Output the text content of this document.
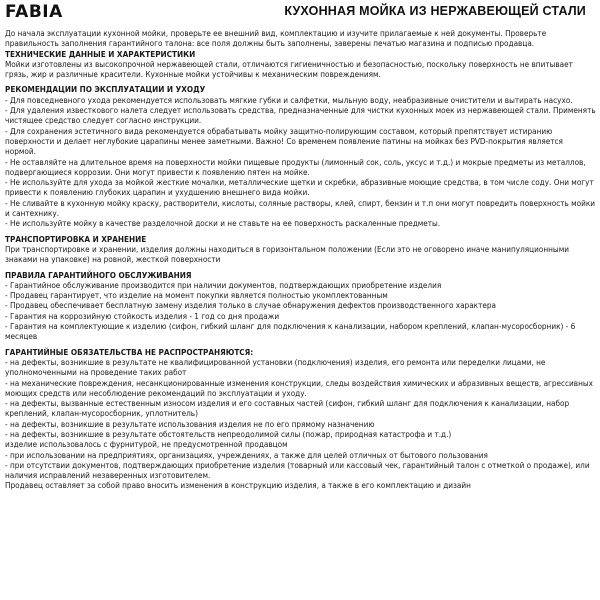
FABIA	КУХОННАЯ МОЙКА ИЗ НЕРЖАВЕЮЩЕЙ СТАЛИ

До начала эксплуатации кухонной мойки, проверьте ее внешний вид, комплектацию и изучите прилагаемые к ней документы. Проверьте правильность заполнения гарантийного талона: все поля должны быть заполнены, заверены печатью магазина и подписью продавца.

ТЕХНИЧЕСКИЕ ДАННЫЕ И ХАРАКТЕРИСТИКИ

Мойки изготовлены из высокопрочной нержавеющей стали, отличаются гигиеничностью и безопасностью, поскольку поверхность не впитывает грязь, жир и различные красители. Кухонные мойки устойчивы к механическим повреждениям.

РЕКОМЕНДАЦИИ ПО ЭКСПЛУАТАЦИИ И УХОДУ

- Для повседневного ухода рекомендуется использовать мягкие губки и салфетки, мыльную воду, неабразивные очистители и вытирать насухо.
- Для удаления известкового налета следует использовать средства, предназначенные для чистки кухонных моек из нержавеющей стали. Применять чистящее средство следует согласно инструкции.
- Для сохранения эстетичного вида рекомендуется обрабатывать мойку защитно-полирующим составом, который препятствует истиранию поверхности и делает неглубокие царапины менее заметными. Важно! Со временем появление патины на мойках без PVD-покрытия является нормой.
- Не оставляйте на длительное время на поверхности мойки пищевые продукты (лимонный сок, соль, уксус и т.д.) и мокрые предметы из металлов, подвергающиеся коррозии. Они могут привести к появлению пятен на мойке.
- Не используйте для ухода за мойкой жесткие мочалки, металлические щетки и скребки, абразивные моющие средства, в том числе соду. Они могут привести к появлению глубоких царапин и ухудшению внешнего вида мойки.
- Не сливайте в кухонную мойку краску, растворители, кислоты, соляные растворы, клей, спирт, бензин и т.п они могут повредить поверхность мойки и сантехнику.
- Не используйте мойку в качестве разделочной доски и не ставьте на ее поверхность раскаленные предметы.

ТРАНСПОРТИРОВКА И ХРАНЕНИЕ

При транспортировке и хранении, изделия должны находиться в горизонтальном положении (Если это не оговорено иначе манипуляционными знаками на упаковке) на ровной, жесткой поверхности

ПРАВИЛА ГАРАНТИЙНОГО ОБСЛУЖИВАНИЯ

- Гарантийное обслуживание производится при наличии документов, подтверждающих приобретение изделия
- Продавец гарантирует, что изделие на момент покупки является полностью укомплектованным
- Продавец обеспечивает бесплатную замену изделия только в случае обнаружения дефектов производственного характера
- Гарантия на коррозийную стойкость изделия - 1 год со дня продажи
- Гарантия на комплектующие к изделию (сифон, гибкий шланг для подключения к канализации, набором креплений, клапан-мусоросборник) - 6 месяцев

ГАРАНТИЙНЫЕ ОБЯЗАТЕЛЬСТВА НЕ РАСПРОСТРАНЯЮТСЯ:

- на дефекты, возникшие в результате не квалифицированной установки (подключения) изделия, его ремонта или переделки лицами, не уполномоченными на проведение таких работ
- на механические повреждения, несанкционированные изменения конструкции, следы воздействия химических и абразивных веществ, агрессивных моющих средств или несоблюдение рекомендаций по эксплуатации и уходу.
- на дефекты, вызванные естественным износом изделия и его составных частей (сифон, гибкий шланг для подключения к канализации, набор креплений, клапан-мусоросборник, уплотнитель)
- на дефекты, возникшие в результате использования изделия не по его прямому назначению
- на дефекты, возникшие в результате обстоятельств непреодолимой силы (пожар, природная катастрофа и т.д.)
изделие использовалось с фурнитурой, не предусмотренной продавцом
- при использовании на предприятиях, организациях, учреждениях, а также для целей отличных от бытового пользования
- при отсутствии документов, подтверждающих приобретение изделия (товарный или кассовый чек, гарантийный талон с отметкой о продаже), или наличия исправлений незаверенных изготовителем.

Продавец оставляет за собой право вносить изменения в конструкцию изделия, а также в его комплектацию и дизайн
